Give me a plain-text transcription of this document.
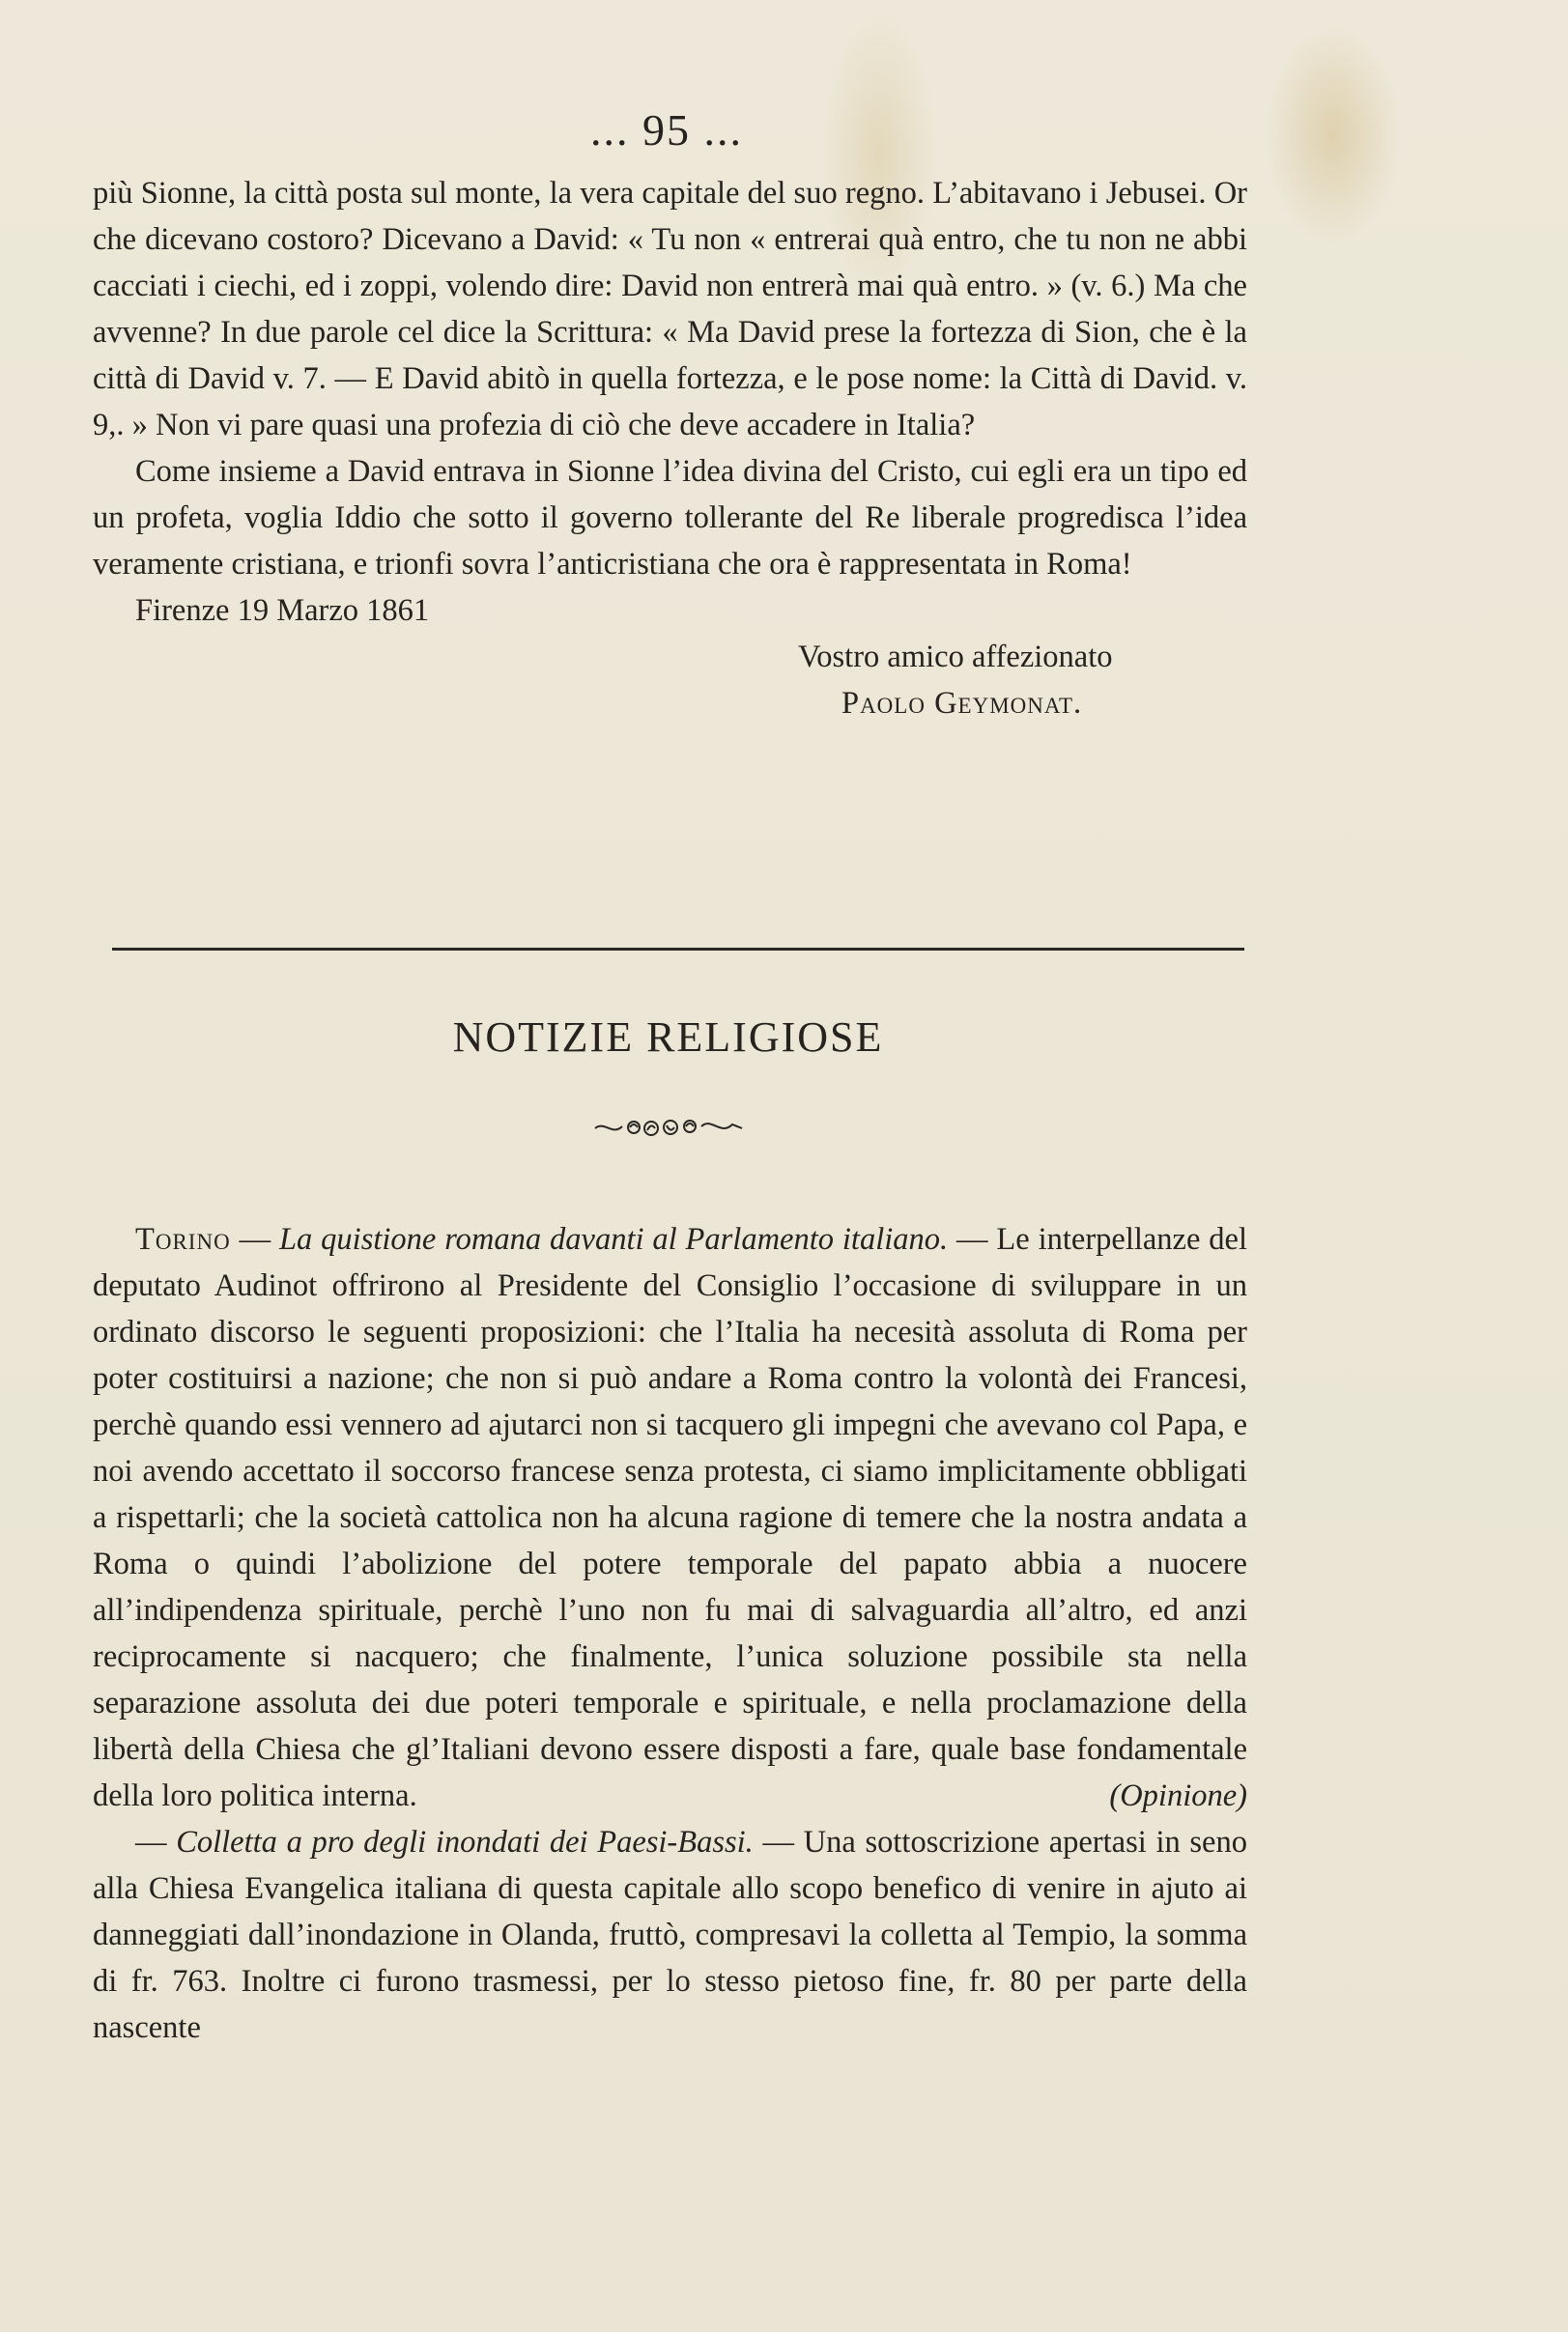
... 95 ...

più Sionne, la città posta sul monte, la vera capitale del suo regno. L’abitavano i Jebusei. Or che dicevano costoro? Dicevano a David: « Tu non « entrerai quà entro, che tu non ne abbi cacciati i ciechi, ed i zoppi, volendo dire: David non entrerà mai quà entro. » (v. 6.) Ma che avvenne? In due parole cel dice la Scrittura: « Ma David prese la fortezza di Sion, che è la città di David v. 7. — E David abitò in quella fortezza, e le pose nome: la Città di David. v. 9,. » Non vi pare quasi una profezia di ciò che deve accadere in Italia?

Come insieme a David entrava in Sionne l’idea divina del Cristo, cui egli era un tipo ed un profeta, voglia Iddio che sotto il governo tollerante del Re liberale progredisca l’idea veramente cristiana, e trionfi sovra l’anticristiana che ora è rappresentata in Roma!

Firenze 19 Marzo 1861

Vostro amico affezionato

Paolo Geymonat.

NOTIZIE RELIGIOSE

Torino — La quistione romana davanti al Parlamento italiano. — Le interpellanze del deputato Audinot offrirono al Presidente del Consiglio l’occasione di sviluppare in un ordinato discorso le seguenti proposizioni: che l’Italia ha necesità assoluta di Roma per poter costituirsi a nazione; che non si può andare a Roma contro la volontà dei Francesi, perchè quando essi vennero ad ajutarci non si tacquero gli impegni che avevano col Papa, e noi avendo accettato il soccorso francese senza protesta, ci siamo implicitamente obbligati a rispettarli; che la società cattolica non ha alcuna ragione di temere che la nostra andata a Roma o quindi l’abolizione del potere temporale del papato abbia a nuocere all’indipendenza spirituale, perchè l’uno non fu mai di salvaguardia all’altro, ed anzi reciprocamente si nacquero; che finalmente, l’unica soluzione possibile sta nella separazione assoluta dei due poteri temporale e spirituale, e nella proclamazione della libertà della Chiesa che gl’Italiani devono essere disposti a fare, quale base fondamentale della loro politica interna.	(Opinione)

— Colletta a pro degli inondati dei Paesi-Bassi. — Una sottoscrizione apertasi in seno alla Chiesa Evangelica italiana di questa capitale allo scopo benefico di venire in ajuto ai danneggiati dall’inondazione in Olanda, fruttò, compresavi la colletta al Tempio, la somma di fr. 763. Inoltre ci furono trasmessi, per lo stesso pietoso fine, fr. 80 per parte della nascente
